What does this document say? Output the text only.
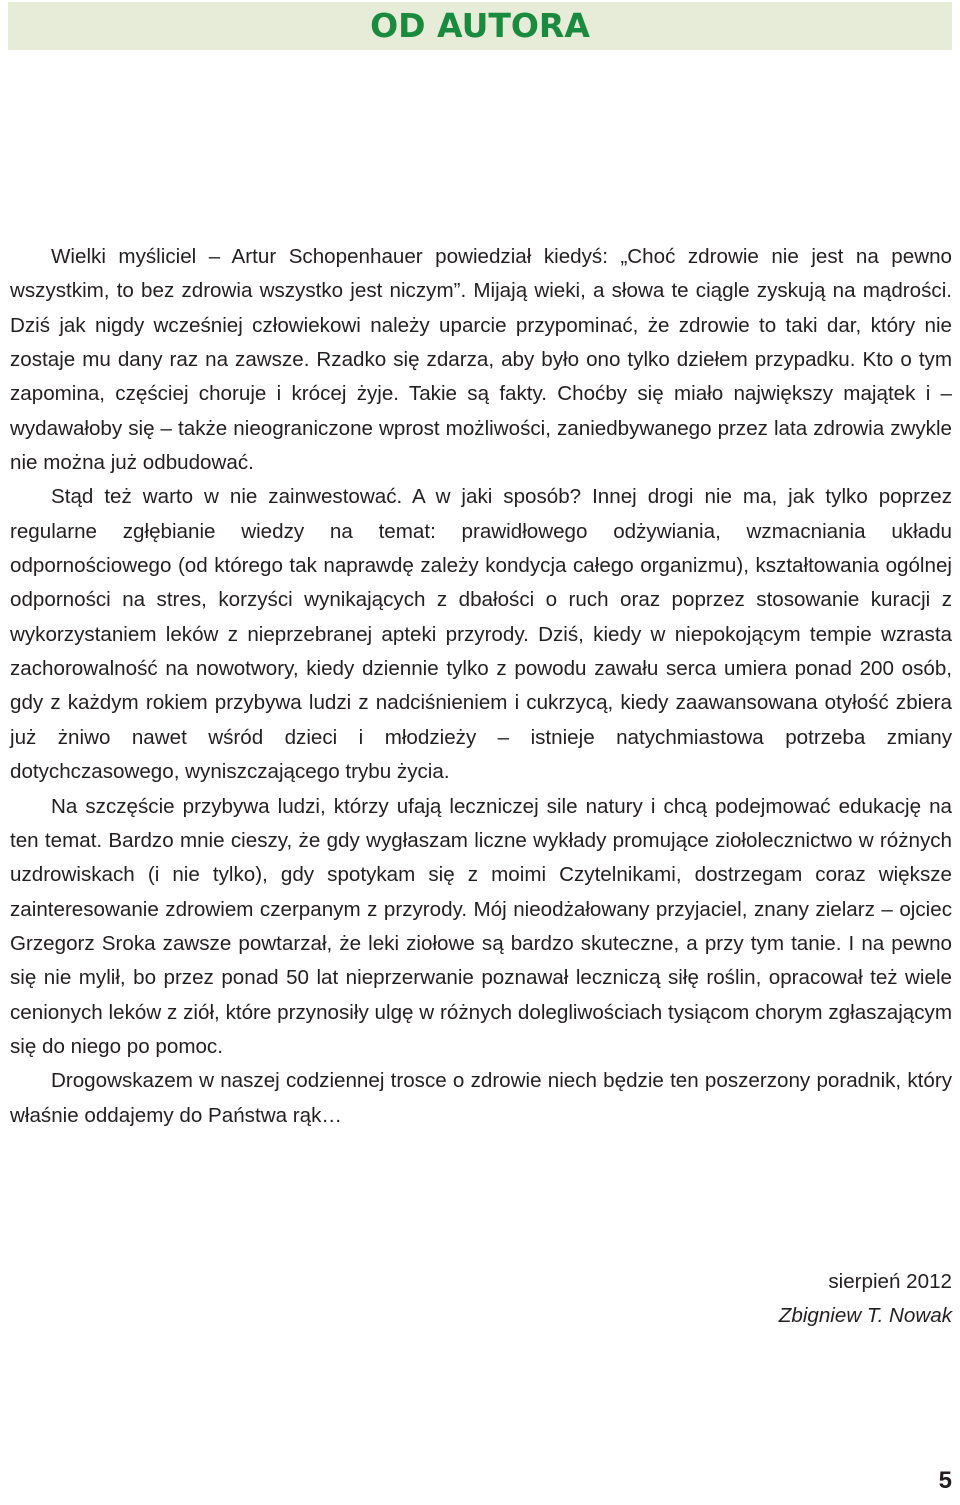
OD AUTORA

Wielki myśliciel – Artur Schopenhauer powiedział kiedyś: „Choć zdrowie nie jest na pewno wszystkim, to bez zdrowia wszystko jest niczym”. Mijają wieki, a słowa te ciągle zyskują na mądrości. Dziś jak nigdy wcześniej człowiekowi należy uparcie przypominać, że zdrowie to taki dar, który nie zostaje mu dany raz na zawsze. Rzadko się zdarza, aby było ono tylko dziełem przypadku. Kto o tym zapomina, częściej choruje i krócej żyje. Takie są fakty. Choćby się miało największy majątek i – wydawałoby się – także nieograniczone wprost możliwości, zaniedbywanego przez lata zdrowia zwykle nie można już odbudować.

Stąd też warto w nie zainwestować. A w jaki sposób? Innej drogi nie ma, jak tylko poprzez regularne zgłębianie wiedzy na temat: prawidłowego odżywiania, wzmacniania układu odpornościowego (od którego tak naprawdę zależy kondycja całego organizmu), kształtowania ogólnej odporności na stres, korzyści wynikających z dbałości o ruch oraz poprzez stosowanie kuracji z wykorzystaniem leków z nieprzebranej apteki przyrody. Dziś, kiedy w niepokojącym tempie wzrasta zachorowalność na nowotwory, kiedy dziennie tylko z powodu zawału serca umiera ponad 200 osób, gdy z każdym rokiem przybywa ludzi z nadciśnieniem i cukrzycą, kiedy zaawansowana otyłość zbiera już żniwo nawet wśród dzieci i młodzieży – istnieje natychmiastowa potrzeba zmiany dotychczasowego, wyniszczającego trybu życia.

Na szczęście przybywa ludzi, którzy ufają leczniczej sile natury i chcą podejmować edukację na ten temat. Bardzo mnie cieszy, że gdy wygłaszam liczne wykłady promujące ziołolecznictwo w różnych uzdrowiskach (i nie tylko), gdy spotykam się z moimi Czytelnikami, dostrzegam coraz większe zainteresowanie zdrowiem czerpanym z przyrody. Mój nieodżałowany przyjaciel, znany zielarz – ojciec Grzegorz Sroka zawsze powtarzał, że leki ziołowe są bardzo skuteczne, a przy tym tanie. I na pewno się nie mylił, bo przez ponad 50 lat nieprzerwanie poznawał leczniczą siłę roślin, opracował też wiele cenionych leków z ziół, które przynosiły ulgę w różnych dolegliwościach tysiącom chorym zgłaszającym się do niego po pomoc.

Drogowskazem w naszej codziennej trosce o zdrowie niech będzie ten poszerzony poradnik, który właśnie oddajemy do Państwa rąk…

sierpień 2012
Zbigniew T. Nowak
5
